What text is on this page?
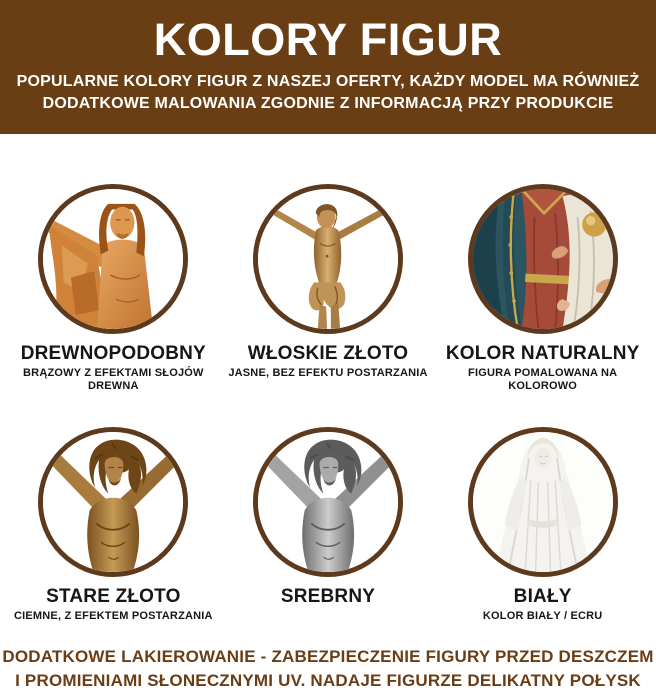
KOLORY FIGUR
POPULARNE KOLORY FIGUR Z NASZEJ OFERTY, KAŻDY MODEL MA RÓWNIEŻ
DODATKOWE MALOWANIA ZGODNIE Z INFORMACJĄ PRZY PRODUKCIE
DREWNOPODOBNY
BRĄZOWY Z EFEKTAMI SŁOJÓW DREWNA
WŁOSKIE ZŁOTO
JASNE, BEZ EFEKTU POSTARZANIA
KOLOR NATURALNY
FIGURA POMALOWANA NA KOLOROWO
STARE ZŁOTO
CIEMNE, Z EFEKTEM POSTARZANIA
SREBRNY	BIAŁY
KOLOR BIAŁY / ECRU
DODATKOWE LAKIEROWANIE - ZABEZPIECZENIE FIGURY PRZED DESZCZEM
I PROMIENIAMI SŁONECZNYMI UV. NADAJE FIGURZE DELIKATNY POŁYSK
